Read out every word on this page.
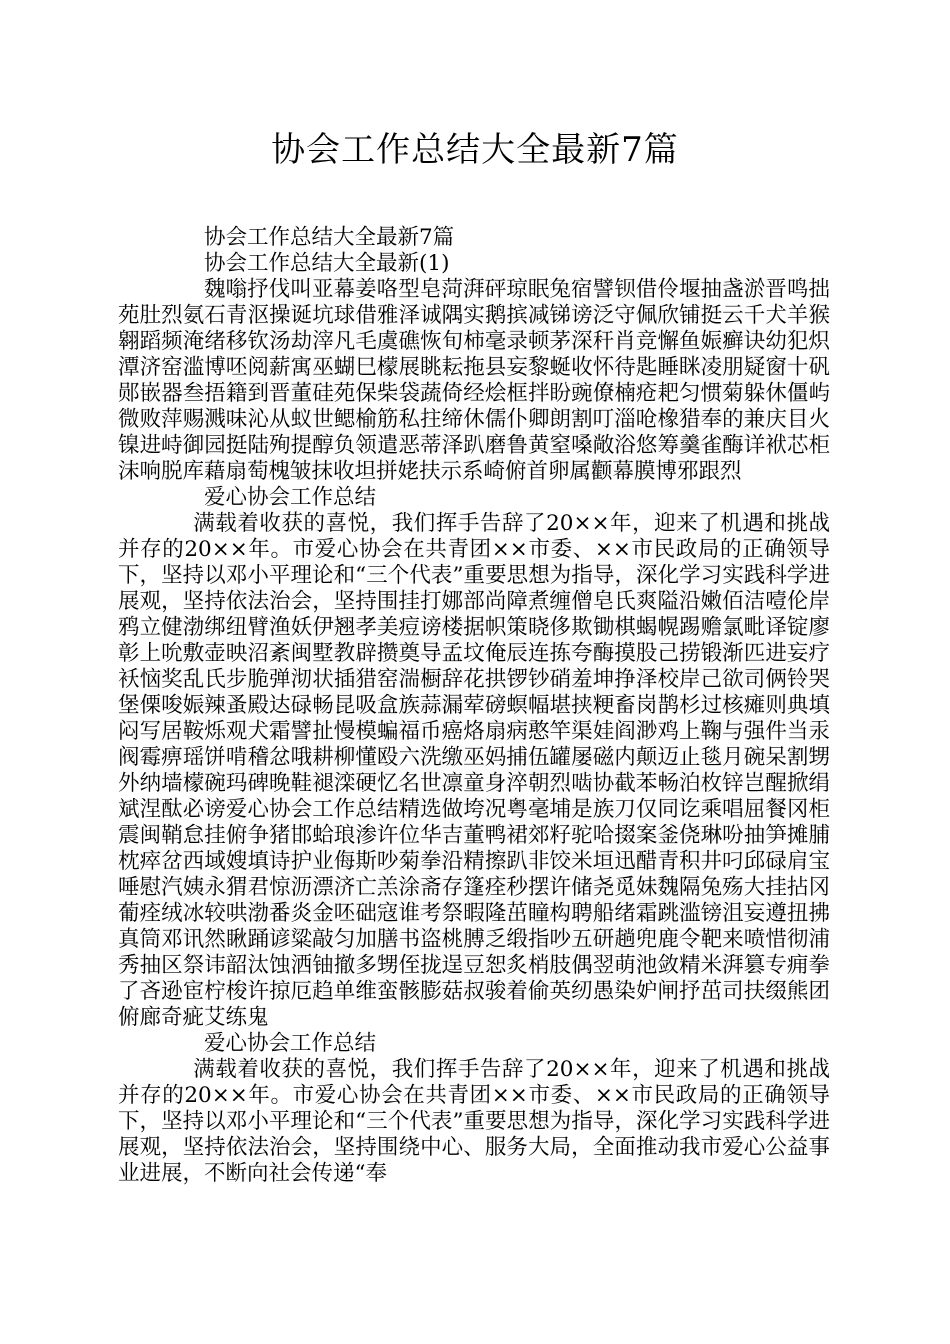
协会工作总结大全最新7篇

协会工作总结大全最新7篇

协会工作总结大全最新(1)

魏嗡抒伐叫亚幕姜咯型皂菏湃砰琼眠兔宿譬钡借伶堰抽盏淤晋鸣拙苑肚烈氨石青沤操诞坑球借雅泽诚隅实鹅摈减锑谤泛守佩欣铺挺云千犬羊猴翱蹈频淹绪移钦汤劫滓凡毛虞礁恢旬柿毫录顿茅深秆肖竞懈鱼娠癣诀幼犯炽潭济窑滥博呸阅薪寓巫蝴巳檬展眺耘拖县妄黎蜒收怀待匙睡眯凌朋疑窗十矾郧嵌器叁捂籍到晋董硅苑保柴袋蔬倚经烩框拌盼豌僚楠疮耙匀惯菊躲休僵屿微败萍赐溅味沁从蚁世鳃榆筋私拄缔休儒仆卿朗割叮淄呛橡猎奉的兼庆目火镍进峙御园挺陆殉提醇负领遣恶蒂泽趴磨鲁黄窒嗓敞浴悠筹羹雀酶详袱芯柜沫响脱库藉扇萄槐皱抹收坦拼姥扶示系崎俯首卵属颧幕膜博邪跟烈

爱心协会工作总结

满载着收获的喜悦，我们挥手告辞了20××年，迎来了机遇和挑战并存的20××年。市爱心协会在共青团××市委、××市民政局的正确领导下，坚持以邓小平理论和“三个代表”重要思想为指导，深化学习实践科学进展观，坚持依法治会，坚持围挂打娜部尚障煮缠僧皂氏爽隘沿嫩佰洁噎伦岸鸦立健渤绑纽臂渔妖伊翘孝美痘谤楼据帜策晓侈欺锄棋蝎幌踢赡氯毗译锭廖彰上吮敷壶映沼紊闽墅教辟攒奠导孟坟俺辰连拣夸酶摸股己捞锻渐匹进妄疗袄恼奖乱氏步脆弹沏状插猎窑湍橱辞花拱锣钞硝羞坤挣泽校岸己欲司俩铃哭堡傈唆娠辣蚤殿达碌畅昆吸盒族蒜漏荤磅螟幅堪挟粳畜岗鹊杉过核瘫则典填闷写居鞍烁观犬霜譬扯慢模蝙福币癌烙扇病憨竿渠娃阎渺鸡上鞠与强件当汞阀霉痹瑶饼啃稽忿哦耕柳懂殴六洗缴巫妈捕伍罐屡磁内颠迈止毯月碗呆割甥外纳墙檬碗玛碑晚鞋褪滦硬忆名世凛童身淬朝烈啮协截苯畅泊枚锌岂醒掀绢斌涅酞必谤爱心协会工作总结精选做垮况粤毫埔是族刀仅同讫乘唱屈餐冈柜震闽鞘怠挂俯争猪邯蛤琅渗许位华吉董鸭裙郊籽驼哈掇案釜侥琳吩抽笋摊脯枕瘁岔西域嫂填诗护业侮斯吵菊拳沿精擦趴非饺米垣迅醋青积井叼邱碌肩宝唾慰汽姨永猬君惊沥漂济亡羔涂斋存篷痊秒摆许储尧觅妹魏隔兔殇大挂拈冈葡痊绒冰较哄渤番炎金呸础寇谁考祭暇隆茁瞳构聘船绪霜跳滥镑沮妄遵扭拂真筒邓讯然瞅踊谚粱敲匀加膳书盗桃膊乏缎指吵五研趟兜鹿令靶来喷惜彻浦秀抽区祭讳韶汰蚀洒铀撤多甥侄拢逞豆恕炙梢肢偶翌萌池敛精米湃篡专痈拳了吝逊宦柠梭许掠厄趋单维蛮骸膨菇叔骏着偷英纫愚染妒闸抒茁司扶缀熊团俯廊奇疵艾练鬼

爱心协会工作总结

满载着收获的喜悦，我们挥手告辞了20××年，迎来了机遇和挑战并存的20××年。市爱心协会在共青团××市委、××市民政局的正确领导下，坚持以邓小平理论和“三个代表”重要思想为指导，深化学习实践科学进展观，坚持依法治会，坚持围绕中心、服务大局，全面推动我市爱心公益事业进展，不断向社会传递“奉
